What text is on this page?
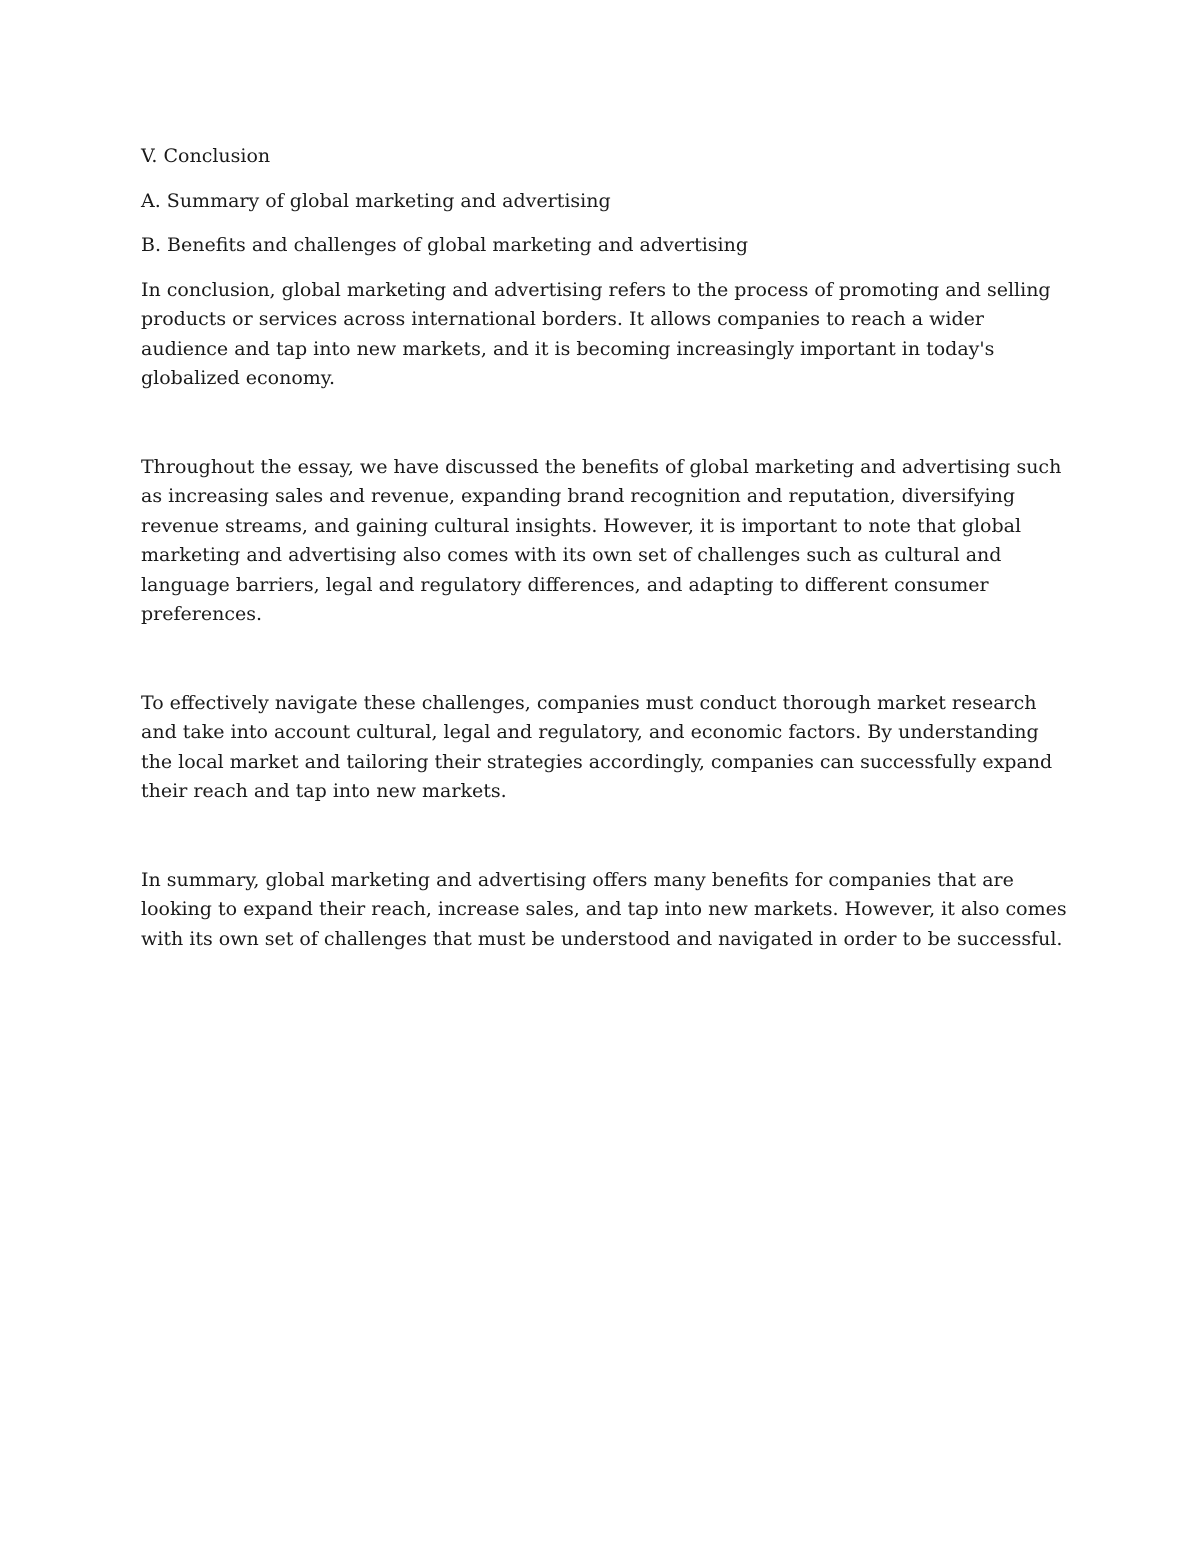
V. Conclusion

A. Summary of global marketing and advertising

B. Benefits and challenges of global marketing and advertising

In conclusion, global marketing and advertising refers to the process of promoting and selling products or services across international borders. It allows companies to reach a wider audience and tap into new markets, and it is becoming increasingly important in today's globalized economy.

Throughout the essay, we have discussed the benefits of global marketing and advertising such as increasing sales and revenue, expanding brand recognition and reputation, diversifying revenue streams, and gaining cultural insights. However, it is important to note that global marketing and advertising also comes with its own set of challenges such as cultural and language barriers, legal and regulatory differences, and adapting to different consumer preferences.

To effectively navigate these challenges, companies must conduct thorough market research and take into account cultural, legal and regulatory, and economic factors. By understanding the local market and tailoring their strategies accordingly, companies can successfully expand their reach and tap into new markets.

In summary, global marketing and advertising offers many benefits for companies that are looking to expand their reach, increase sales, and tap into new markets. However, it also comes with its own set of challenges that must be understood and navigated in order to be successful.
